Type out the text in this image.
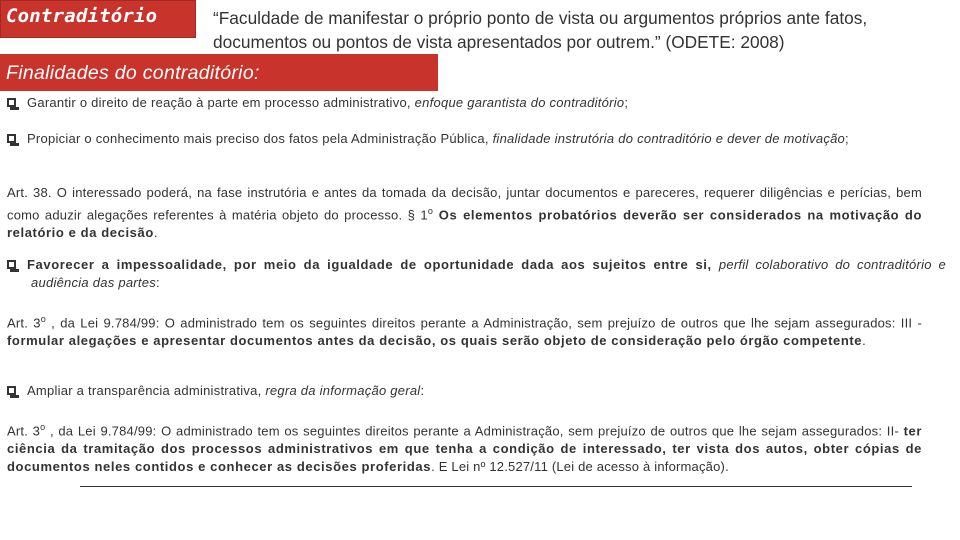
Contraditório	“Faculdade de manifestar o próprio ponto de vista ou argumentos próprios ante fatos, documentos ou pontos de vista apresentados por outrem.” (ODETE: 2008)
Finalidades do contraditório:
Garantir o direito de reação à parte em processo administrativo, enfoque garantista do contraditório;
Propiciar o conhecimento mais preciso dos fatos pela Administração Pública, finalidade instrutória do contraditório e dever de motivação;
Art. 38. O interessado poderá, na fase instrutória e antes da tomada da decisão, juntar documentos e pareceres, requerer diligências e perícias, bem como aduzir alegações referentes à matéria objeto do processo. § 1$^o$ Os elementos probatórios deverão ser considerados na motivação do relatório e da decisão.
Favorecer a impessoalidade, por meio da igualdade de oportunidade dada aos sujeitos entre si, perfil colaborativo do contraditório e audiência das partes:
Art. 3$^o$ , da Lei 9.784/99: O administrado tem os seguintes direitos perante a Administração, sem prejuízo de outros que lhe sejam assegurados: III - formular alegações e apresentar documentos antes da decisão, os quais serão objeto de consideração pelo órgão competente.
Ampliar a transparência administrativa, regra da informação geral:
Art. 3$^o$ , da Lei 9.784/99: O administrado tem os seguintes direitos perante a Administração, sem prejuízo de outros que lhe sejam assegurados: II- ter ciência da tramitação dos processos administrativos em que tenha a condição de interessado, ter vista dos autos, obter cópias de documentos neles contidos e conhecer as decisões proferidas. E Lei nº 12.527/11 (Lei de acesso à informação).
